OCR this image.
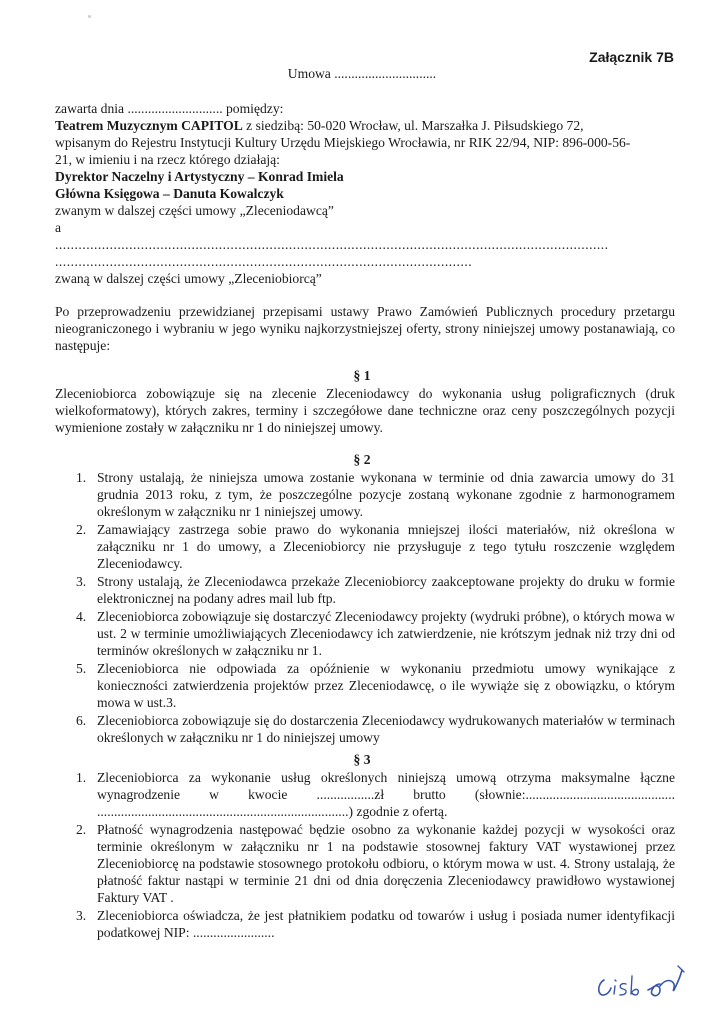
Załącznik 7B
Umowa ..............................
zawarta dnia ............................ pomiędzy:
Teatrem Muzycznym CAPITOL z siedzibą: 50-020 Wrocław, ul. Marszałka J. Piłsudskiego 72,
wpisanym do Rejestru Instytucji Kultury Urzędu Miejskiego Wrocławia, nr RIK 22/94, NIP: 896-000-56-
21, w imieniu i na rzecz którego działają:
Dyrektor Naczelny i Artystyczny – Konrad Imiela
Główna Księgowa – Danuta Kowalczyk
zwanym w dalszej części umowy „Zleceniodawcą”
a
..............................................................................................................................................
...........................................................................................................
zwaną w dalszej części umowy „Zleceniobiorcą”
Po przeprowadzeniu przewidzianej przepisami ustawy Prawo Zamówień Publicznych procedury przetargu nieograniczonego i wybraniu w jego wyniku najkorzystniejszej oferty, strony niniejszej umowy postanawiają, co następuje:
§ 1
Zleceniobiorca zobowiązuje się na zlecenie Zleceniodawcy do wykonania usług poligraficznych (druk wielkoformatowy), których zakres, terminy i szczegółowe dane techniczne oraz ceny poszczególnych pozycji wymienione zostały w załączniku nr 1 do niniejszej umowy.
§ 2
1. Strony ustalają, że niniejsza umowa zostanie wykonana w terminie od dnia zawarcia umowy do 31 grudnia 2013 roku, z tym, że poszczególne pozycje zostaną wykonane zgodnie z harmonogramem określonym w załączniku nr 1 niniejszej umowy.
2. Zamawiający zastrzega sobie prawo do wykonania mniejszej ilości materiałów, niż określona w załączniku nr 1 do umowy, a Zleceniobiorcy nie przysługuje z tego tytułu roszczenie względem Zleceniodawcy.
3. Strony ustalają, że Zleceniodawca przekaże Zleceniobiorcy zaakceptowane projekty do druku w formie elektronicznej na podany adres mail lub ftp.
4. Zleceniobiorca zobowiązuje się dostarczyć Zleceniodawcy projekty (wydruki próbne), o których mowa w ust. 2 w terminie umożliwiających Zleceniodawcy ich zatwierdzenie, nie krótszym jednak niż trzy dni od terminów określonych w załączniku nr 1.
5. Zleceniobiorca nie odpowiada za opóźnienie w wykonaniu przedmiotu umowy wynikające z konieczności zatwierdzenia projektów przez Zleceniodawcę, o ile wywiąże się z obowiązku, o którym mowa w ust.3.
6. Zleceniobiorca zobowiązuje się do dostarczenia Zleceniodawcy wydrukowanych materiałów w terminach określonych w załączniku nr 1 do niniejszej umowy
§ 3
1. Zleceniobiorca za wykonanie usług określonych niniejszą umową otrzyma maksymalne łączne wynagrodzenie w kwocie .................zł brutto (słownie:............................................ ..........................................................................) zgodnie z ofertą.
2. Płatność wynagrodzenia następować będzie osobno za wykonanie każdej pozycji w wysokości oraz terminie określonym w załączniku nr 1 na podstawie stosownej faktury VAT wystawionej przez Zleceniobiorcę na podstawie stosownego protokołu odbioru, o którym mowa w ust. 4. Strony ustalają, że płatność faktur nastąpi w terminie 21 dni od dnia doręczenia Zleceniodawcy prawidłowo wystawionej Faktury VAT .
3. Zleceniobiorca oświadcza, że jest płatnikiem podatku od towarów i usług i posiada numer identyfikacji podatkowej NIP: ........................
